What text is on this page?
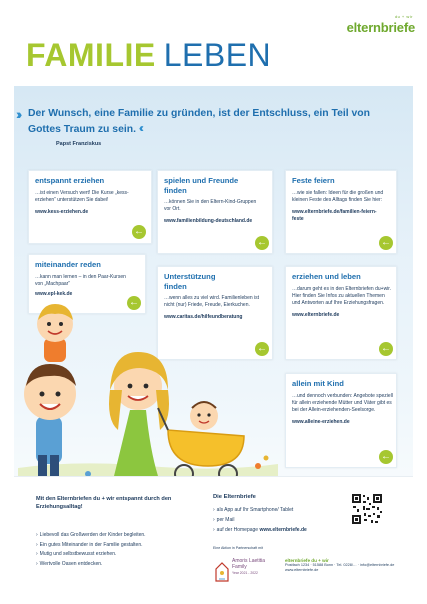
du + wir
elternbriefe
FAMILIE LEBEN
›› Der Wunsch, eine Familie zu gründen, ist der Entschluss, ein Teil von Gottes Traum zu sein. ‹‹
Papst Franziskus
entspannt erziehen

…ist einen Versuch wert! Die Kurse „kess-erziehen“ unterstützen Sie dabei!

www.kess-erziehen.de
←
spielen und Freunde finden

…können Sie in den Eltern-Kind-Gruppen vor Ort.

www.familienbildung-deutschland.de
←
Feste feiern

…wie sie fallen: Ideen für die großen und kleinen Feste des Alltags finden Sie hier:

www.elternbriefe.de/familien-feiern-feste
←
miteinander reden

…kann man lernen – in den Paar-Kursen von „Machpaar“

www.epl-kek.de
←
Unterstützung finden

…wenn alles zu viel wird. Familienleben ist nicht (nur) Friede, Freude, Eierkuchen.

www.caritas.de/hilfeundberatung
←
erziehen und leben

…darum geht es in den Elternbriefen du+wir. Hier finden Sie Infos zu aktuellen Themen und Antworten auf Ihre Erziehungsfragen.

www.elternbriefe.de
←
allein mit Kind

…und dennoch verbunden: Angebote speziell für allein erziehende Mütter und Väter gibt es bei der Allein-erziehenden-Seelsorge.

www.alleine-erziehen.de
←
Mit den Elternbriefen du + wir entspannt durch den Erziehungsalltag!
› Liebevoll das Großwerden der Kinder begleiten.
› Ein gutes Miteinander in der Familie gestalten.
› Mutig und selbstbewusst erziehen.
› Wertvolle Oasen entdecken.
Die Elternbriefe
› als App auf Ihr Smartphone/ Tablet
› per Mail
› auf der Homepage www.elternbriefe.de
Eine Aktion in Partnerschaft mit
Amoris Laetitia
Family
Year 2021 - 2022
elternbriefe du + wir
Postfach 1234 · 51588 Bonn · Tel. 0228/… · info@elternbriefe.de
www.elternbriefe.de
